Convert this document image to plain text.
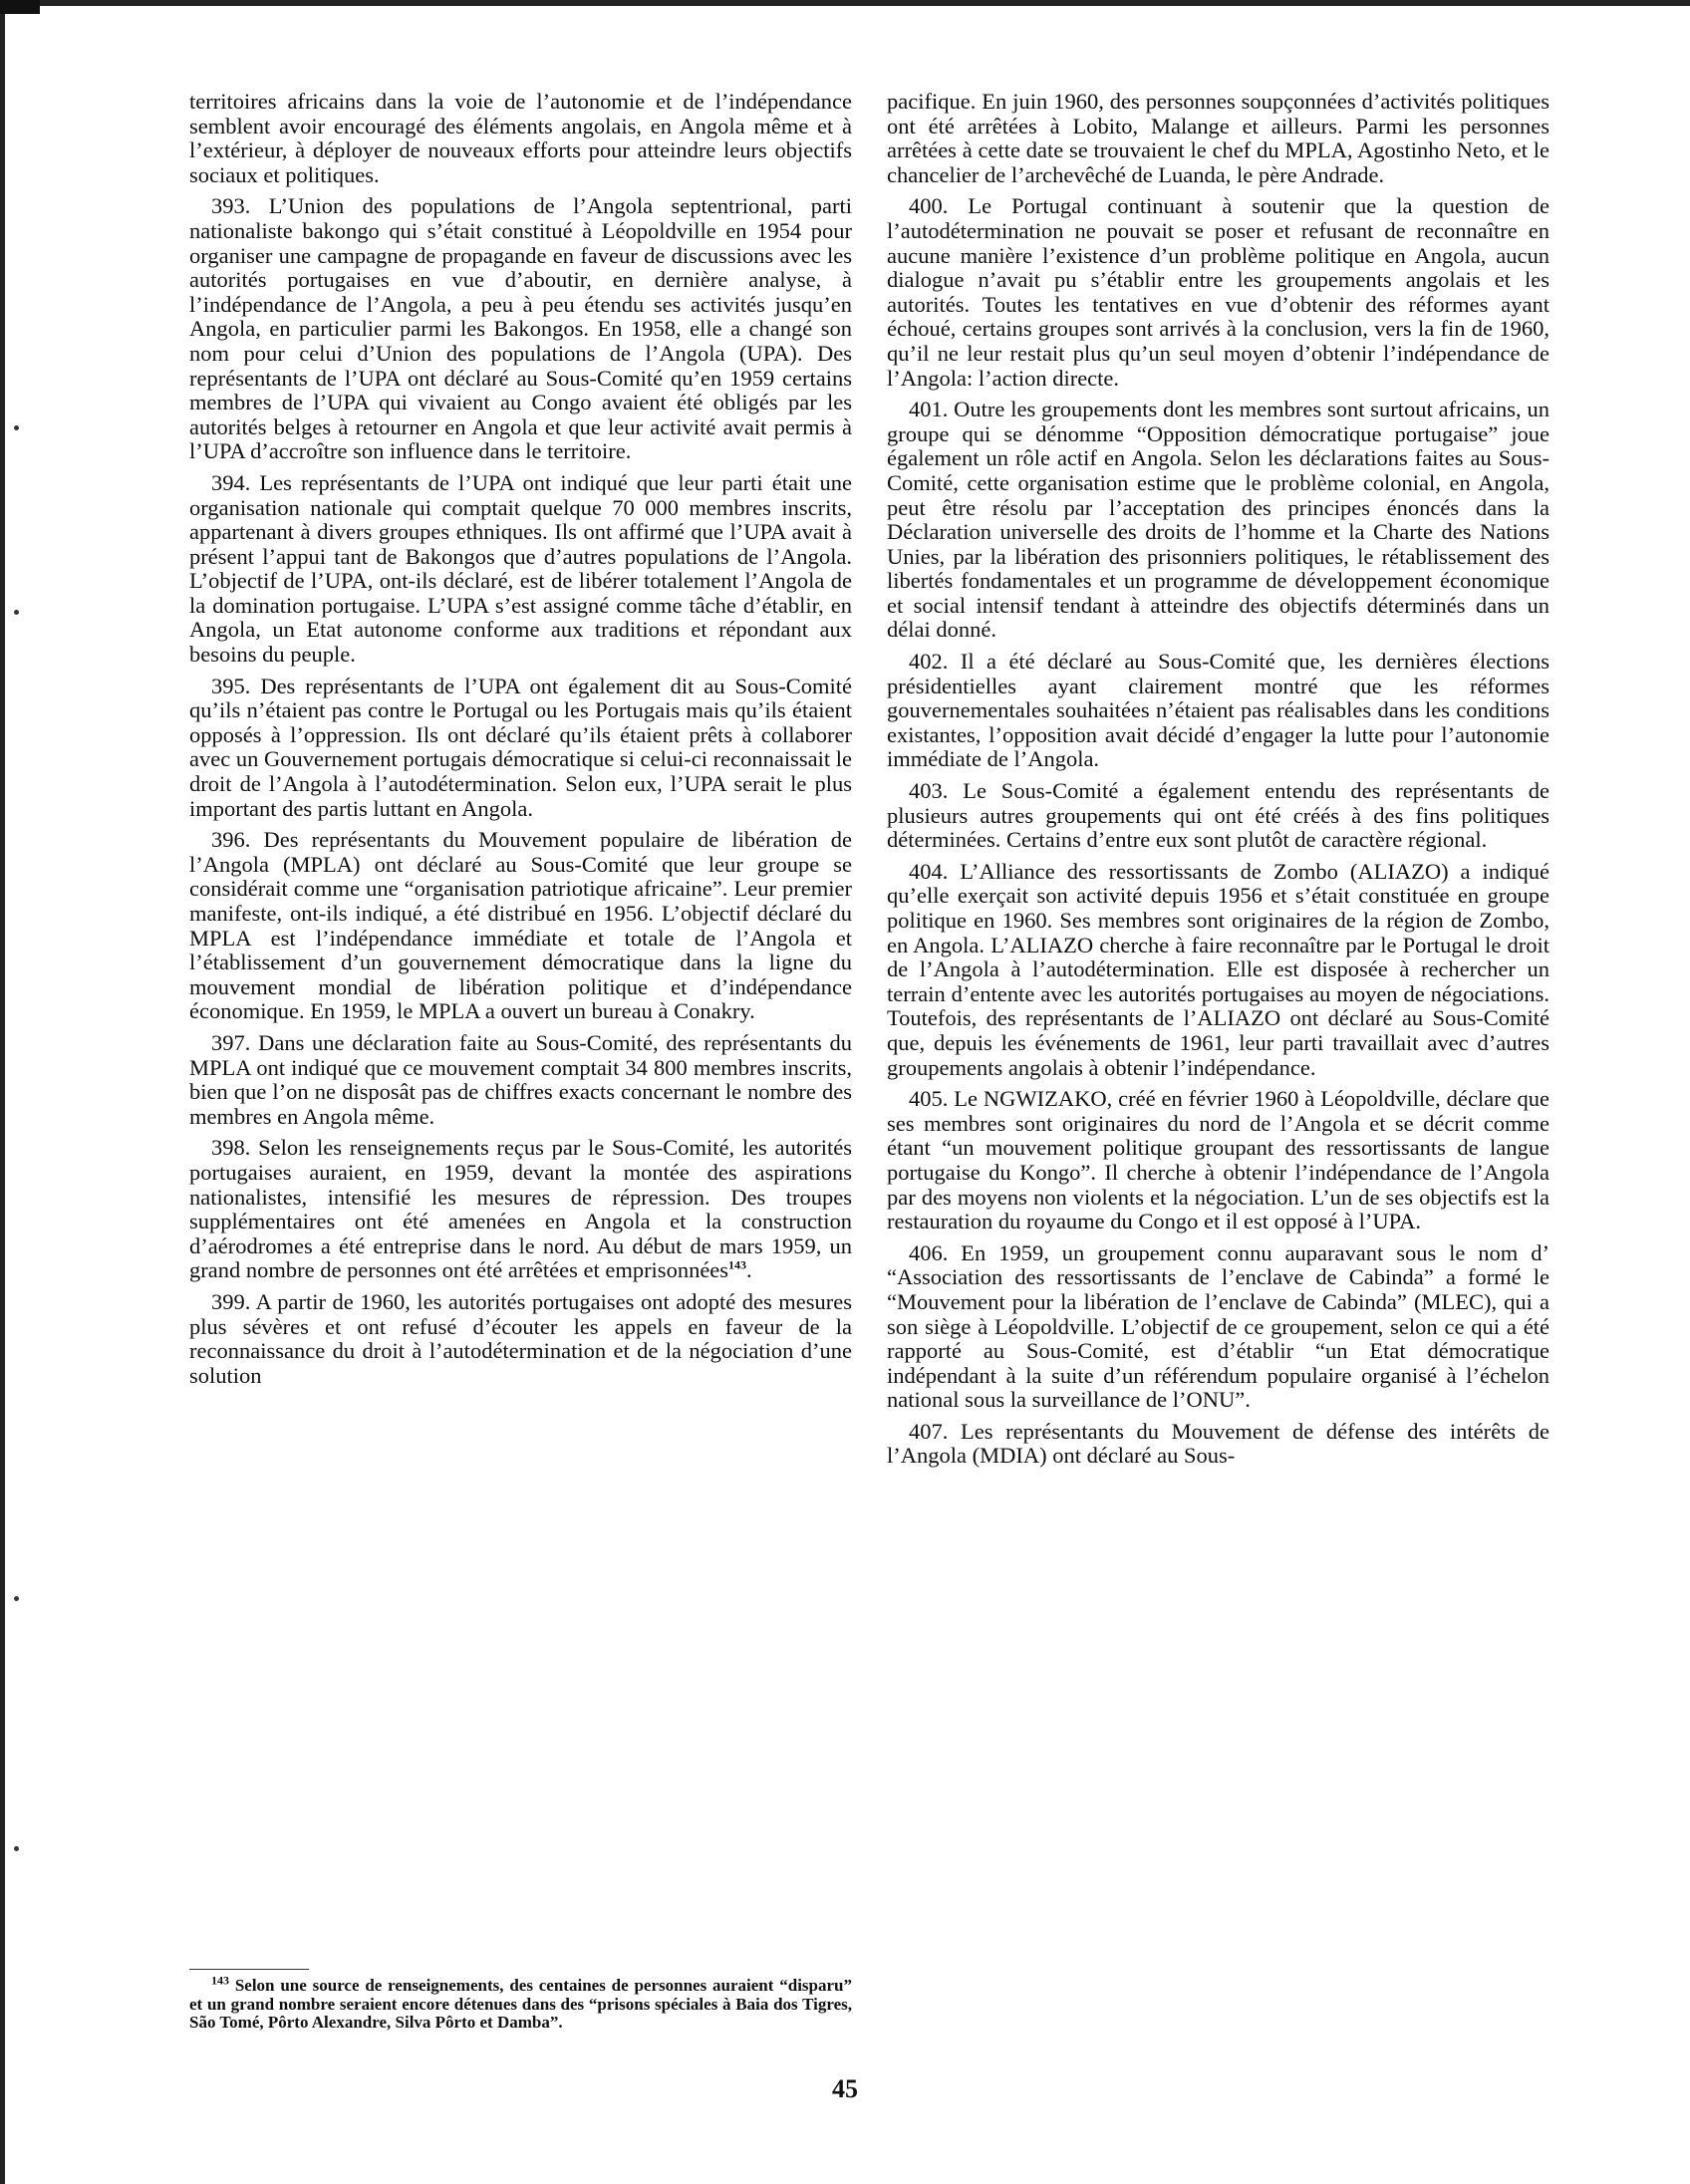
territoires africains dans la voie de l’autonomie et de l’indépendance semblent avoir encouragé des éléments angolais, en Angola même et à l’extérieur, à déployer de nouveaux efforts pour atteindre leurs objectifs sociaux et politiques.

393. L’Union des populations de l’Angola septentrional, parti nationaliste bakongo qui s’était constitué à Léopoldville en 1954 pour organiser une campagne de propagande en faveur de discussions avec les autorités portugaises en vue d’aboutir, en dernière analyse, à l’indépendance de l’Angola, a peu à peu étendu ses activités jusqu’en Angola, en particulier parmi les Bakongos. En 1958, elle a changé son nom pour celui d’Union des populations de l’Angola (UPA). Des représentants de l’UPA ont déclaré au Sous-Comité qu’en 1959 certains membres de l’UPA qui vivaient au Congo avaient été obligés par les autorités belges à retourner en Angola et que leur activité avait permis à l’UPA d’accroître son influence dans le territoire.

394. Les représentants de l’UPA ont indiqué que leur parti était une organisation nationale qui comptait quelque 70 000 membres inscrits, appartenant à divers groupes ethniques. Ils ont affirmé que l’UPA avait à présent l’appui tant de Bakongos que d’autres populations de l’Angola. L’objectif de l’UPA, ont-ils déclaré, est de libérer totalement l’Angola de la domination portugaise. L’UPA s’est assigné comme tâche d’établir, en Angola, un Etat autonome conforme aux traditions et répondant aux besoins du peuple.

395. Des représentants de l’UPA ont également dit au Sous-Comité qu’ils n’étaient pas contre le Portugal ou les Portugais mais qu’ils étaient opposés à l’oppression. Ils ont déclaré qu’ils étaient prêts à collaborer avec un Gouvernement portugais démocratique si celui-ci reconnaissait le droit de l’Angola à l’autodétermination. Selon eux, l’UPA serait le plus important des partis luttant en Angola.

396. Des représentants du Mouvement populaire de libération de l’Angola (MPLA) ont déclaré au Sous-Comité que leur groupe se considérait comme une “organisation patriotique africaine”. Leur premier manifeste, ont-ils indiqué, a été distribué en 1956. L’objectif déclaré du MPLA est l’indépendance immédiate et totale de l’Angola et l’établissement d’un gouvernement démocratique dans la ligne du mouvement mondial de libération politique et d’indépendance économique. En 1959, le MPLA a ouvert un bureau à Conakry.

397. Dans une déclaration faite au Sous-Comité, des représentants du MPLA ont indiqué que ce mouvement comptait 34 800 membres inscrits, bien que l’on ne disposât pas de chiffres exacts concernant le nombre des membres en Angola même.

398. Selon les renseignements reçus par le Sous-Comité, les autorités portugaises auraient, en 1959, devant la montée des aspirations nationalistes, intensifié les mesures de répression. Des troupes supplémentaires ont été amenées en Angola et la construction d’aérodromes a été entreprise dans le nord. Au début de mars 1959, un grand nombre de personnes ont été arrêtées et emprisonnées$^{143}$.

399. A partir de 1960, les autorités portugaises ont adopté des mesures plus sévères et ont refusé d’écouter les appels en faveur de la reconnaissance du droit à l’autodétermination et de la négociation d’une solution

pacifique. En juin 1960, des personnes soupçonnées d’activités politiques ont été arrêtées à Lobito, Malange et ailleurs. Parmi les personnes arrêtées à cette date se trouvaient le chef du MPLA, Agostinho Neto, et le chancelier de l’archevêché de Luanda, le père Andrade.

400. Le Portugal continuant à soutenir que la question de l’autodétermination ne pouvait se poser et refusant de reconnaître en aucune manière l’existence d’un problème politique en Angola, aucun dialogue n’avait pu s’établir entre les groupements angolais et les autorités. Toutes les tentatives en vue d’obtenir des réformes ayant échoué, certains groupes sont arrivés à la conclusion, vers la fin de 1960, qu’il ne leur restait plus qu’un seul moyen d’obtenir l’indépendance de l’Angola: l’action directe.

401. Outre les groupements dont les membres sont surtout africains, un groupe qui se dénomme “Opposition démocratique portugaise” joue également un rôle actif en Angola. Selon les déclarations faites au Sous-Comité, cette organisation estime que le problème colonial, en Angola, peut être résolu par l’acceptation des principes énoncés dans la Déclaration universelle des droits de l’homme et la Charte des Nations Unies, par la libération des prisonniers politiques, le rétablissement des libertés fondamentales et un programme de développement économique et social intensif tendant à atteindre des objectifs déterminés dans un délai donné.

402. Il a été déclaré au Sous-Comité que, les dernières élections présidentielles ayant clairement montré que les réformes gouvernementales souhaitées n’étaient pas réalisables dans les conditions existantes, l’opposition avait décidé d’engager la lutte pour l’autonomie immédiate de l’Angola.

403. Le Sous-Comité a également entendu des représentants de plusieurs autres groupements qui ont été créés à des fins politiques déterminées. Certains d’entre eux sont plutôt de caractère régional.

404. L’Alliance des ressortissants de Zombo (ALIAZO) a indiqué qu’elle exerçait son activité depuis 1956 et s’était constituée en groupe politique en 1960. Ses membres sont originaires de la région de Zombo, en Angola. L’ALIAZO cherche à faire reconnaître par le Portugal le droit de l’Angola à l’autodétermination. Elle est disposée à rechercher un terrain d’entente avec les autorités portugaises au moyen de négociations. Toutefois, des représentants de l’ALIAZO ont déclaré au Sous-Comité que, depuis les événements de 1961, leur parti travaillait avec d’autres groupements angolais à obtenir l’indépendance.

405. Le NGWIZAKO, créé en février 1960 à Léopoldville, déclare que ses membres sont originaires du nord de l’Angola et se décrit comme étant “un mouvement politique groupant des ressortissants de langue portugaise du Kongo”. Il cherche à obtenir l’indépendance de l’Angola par des moyens non violents et la négociation. L’un de ses objectifs est la restauration du royaume du Congo et il est opposé à l’UPA.

406. En 1959, un groupement connu auparavant sous le nom d’ “Association des ressortissants de l’enclave de Cabinda” a formé le “Mouvement pour la libération de l’enclave de Cabinda” (MLEC), qui a son siège à Léopoldville. L’objectif de ce groupement, selon ce qui a été rapporté au Sous-Comité, est d’établir “un Etat démocratique indépendant à la suite d’un référendum populaire organisé à l’échelon national sous la surveillance de l’ONU”.

407. Les représentants du Mouvement de défense des intérêts de l’Angola (MDIA) ont déclaré au Sous-

$^{143}$ Selon une source de renseignements, des centaines de personnes auraient “disparu” et un grand nombre seraient encore détenues dans des “prisons spéciales à Baia dos Tigres, São Tomé, Pôrto Alexandre, Silva Pôrto et Damba”.

45
